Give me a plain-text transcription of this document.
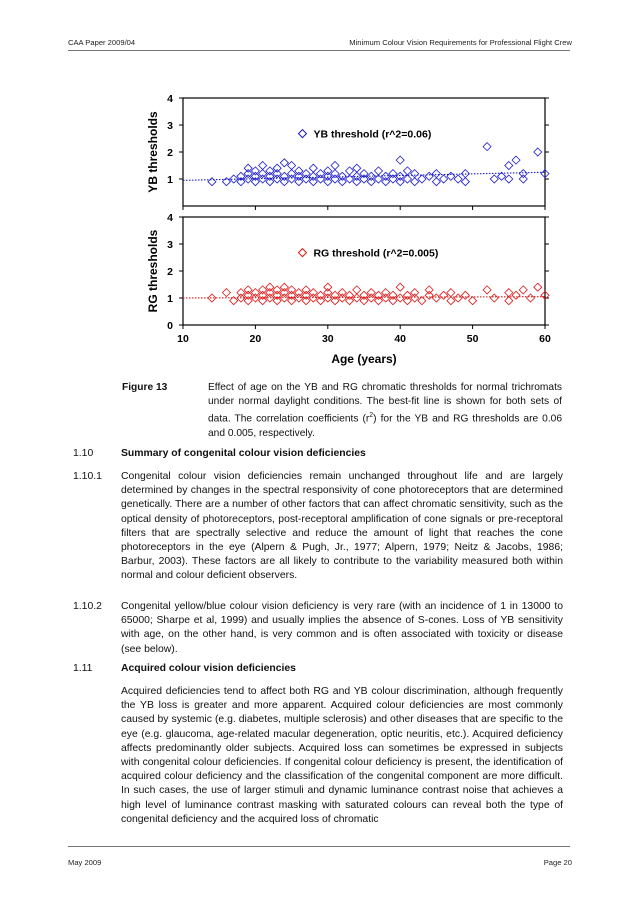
CAA Paper 2009/04	Minimum Colour Vision Requirements for Professional Flight Crew
1
2
3
4
YB thresholds	YB threshold (r^2=0.06)
0
1
2
3
4
RG thresholds	RG threshold (r^2=0.005)
10	20	30	40	50	60
Age (years)
Figure 13	Effect of age on the YB and RG chromatic thresholds for normal trichromats under normal daylight conditions. The best-fit line is shown for both sets of data. The correlation coefficients $(r^2)$ for the YB and RG thresholds are 0.06 and 0.005, respectively.
1.10	Summary of congenital colour vision deficiencies
1.10.1 Congenital colour vision deficiencies remain unchanged throughout life and are largely determined by changes in the spectral responsivity of cone photoreceptors that are determined genetically. There are a number of other factors that can affect chromatic sensitivity, such as the optical density of photoreceptors, post-receptoral amplification of cone signals or pre-receptoral filters that are spectrally selective and reduce the amount of light that reaches the cone photoreceptors in the eye (Alpern & Pugh, Jr., 1977; Alpern, 1979; Neitz & Jacobs, 1986; Barbur, 2003). These factors are all likely to contribute to the variability measured both within normal and colour deficient observers.
1.10.2 Congenital yellow/blue colour vision deficiency is very rare (with an incidence of 1 in 13000 to 65000; Sharpe et al, 1999) and usually implies the absence of S-cones. Loss of YB sensitivity with age, on the other hand, is very common and is often associated with toxicity or disease (see below).
1.11	Acquired colour vision deficiencies
Acquired deficiencies tend to affect both RG and YB colour discrimination, although frequently the YB loss is greater and more apparent. Acquired colour deficiencies are most commonly caused by systemic (e.g. diabetes, multiple sclerosis) and other diseases that are specific to the eye (e.g. glaucoma, age-related macular degeneration, optic neuritis, etc.). Acquired deficiency affects predominantly older subjects. Acquired loss can sometimes be expressed in subjects with congenital colour deficiencies. If congenital colour deficiency is present, the identification of acquired colour deficiency and the classification of the congenital component are more difficult. In such cases, the use of larger stimuli and dynamic luminance contrast noise that achieves a high level of luminance contrast masking with saturated colours can reveal both the type of congenital deficiency and the acquired loss of chromatic
May 2009	Page 20
